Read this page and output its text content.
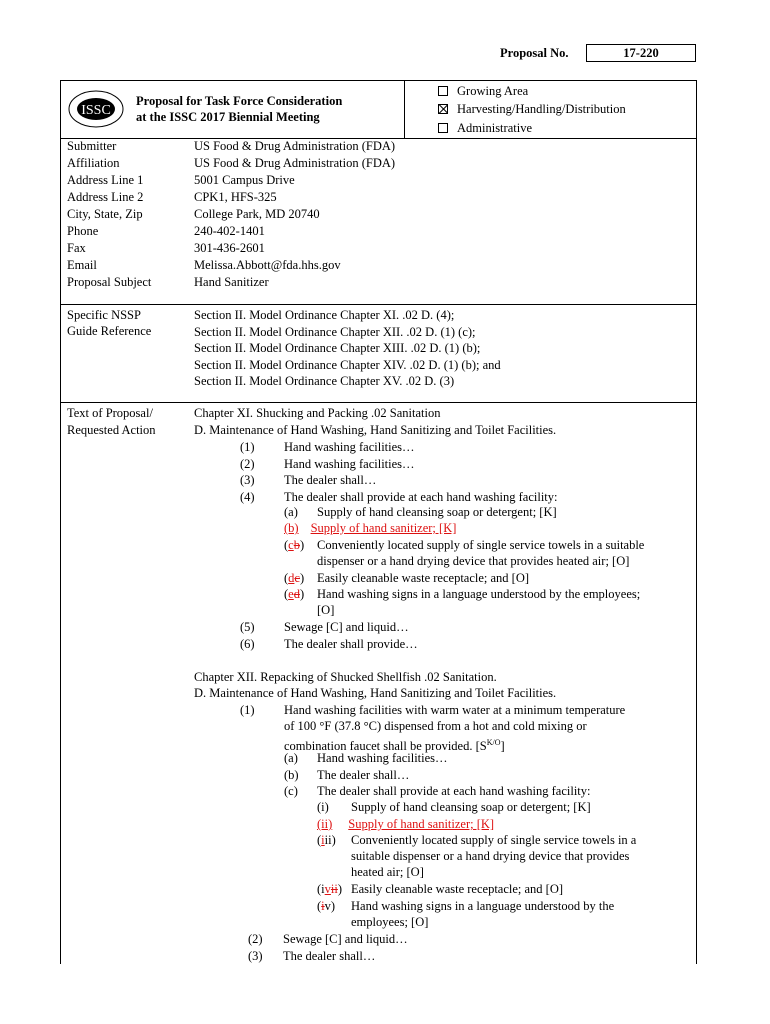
Proposal No.	17-220
ISSC
Proposal for Task Force Consideration
at the ISSC 2017 Biennial Meeting
Growing Area
Harvesting/Handling/Distribution
Administrative
Submitter	US Food & Drug Administration (FDA)
Affiliation	US Food & Drug Administration (FDA)
Address Line 1	5001 Campus Drive
Address Line 2	CPK1, HFS-325
City, State, Zip	College Park, MD 20740
Phone	240-402-1401
Fax	301-436-2601
Email	Melissa.Abbott@fda.hhs.gov
Proposal Subject	Hand Sanitizer
Specific NSSP
Guide Reference
Section II. Model Ordinance Chapter XI. .02 D. (4);
Section II. Model Ordinance Chapter XII. .02 D. (1) (c);
Section II. Model Ordinance Chapter XIII. .02 D. (1) (b);
Section II. Model Ordinance Chapter XIV. .02 D. (1) (b); and
Section II. Model Ordinance Chapter XV. .02 D. (3)
Text of Proposal/
Requested Action
Chapter XI. Shucking and Packing .02 Sanitation
D. Maintenance of Hand Washing, Hand Sanitizing and Toilet Facilities.
(1) Hand washing facilities…
(2) Hand washing facilities…
(3) The dealer shall…
(4) The dealer shall provide at each hand washing facility:
(a) Supply of hand cleansing soap or detergent; [K]
(b) Supply of hand sanitizer; [K]
(cb) Conveniently located supply of single service towels in a suitable
dispenser or a hand drying device that provides heated air; [O]
(dc) Easily cleanable waste receptacle; and [O]
(ed) Hand washing signs in a language understood by the employees;
[O]
(5) Sewage [C] and liquid…
(6) The dealer shall provide…
Chapter XII. Repacking of Shucked Shellfish .02 Sanitation.
D. Maintenance of Hand Washing, Hand Sanitizing and Toilet Facilities.
(1) Hand washing facilities with warm water at a minimum temperature
of 100 °F (37.8 °C) dispensed from a hot and cold mixing or
combination faucet shall be provided. $[S^{K/O}]$
(a) Hand washing facilities…
(b) The dealer shall…
(c) The dealer shall provide at each hand washing facility:
(i) Supply of hand cleansing soap or detergent; [K]
(ii) Supply of hand sanitizer; [K]
(iii) Conveniently located supply of single service towels in a
suitable dispenser or a hand drying device that provides
heated air; [O]
(ivii) Easily cleanable waste receptacle; and [O]
(iv) Hand washing signs in a language understood by the
employees; [O]
(2) Sewage [C] and liquid…
(3) The dealer shall…
